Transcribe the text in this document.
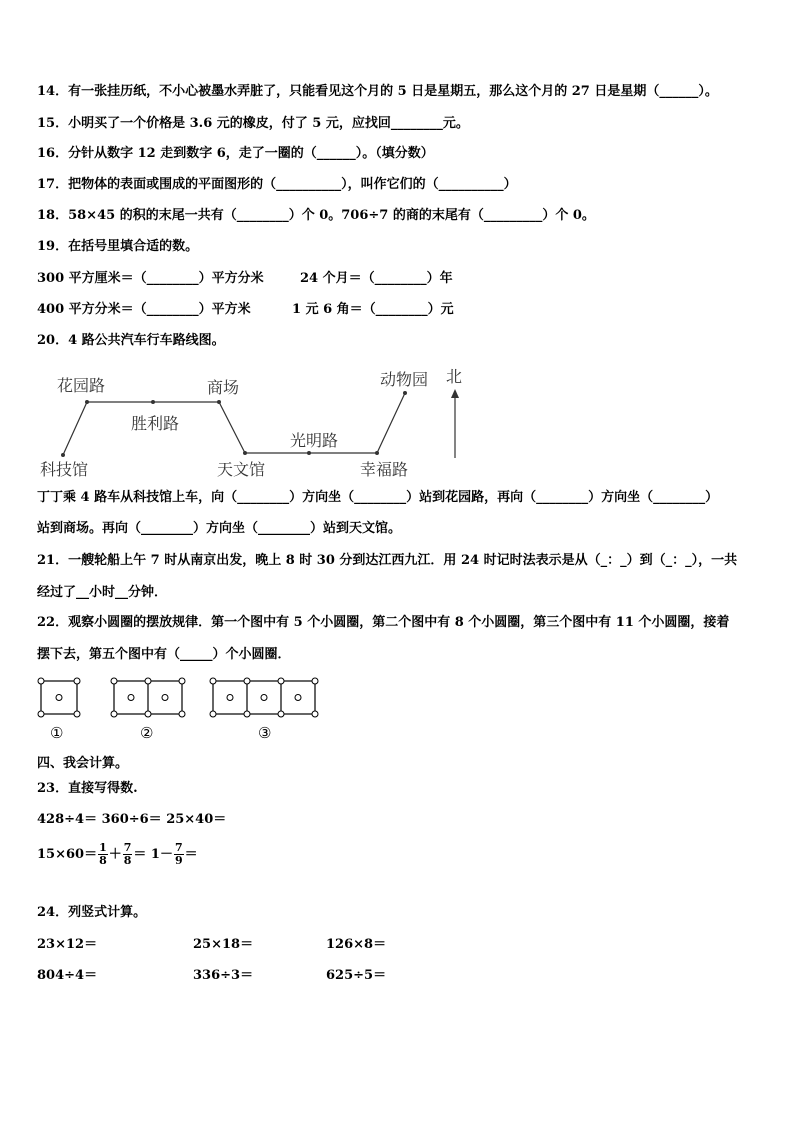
14．有一张挂历纸，不小心被墨水弄脏了，只能看见这个月的 5 日是星期五，那么这个月的 27 日是星期（______）。
15．小明买了一个价格是 3.6 元的橡皮，付了 5 元，应找回________元。
16．分针从数字 12 走到数字 6，走了一圈的（______）。（填分数）
17．把物体的表面或围成的平面图形的（__________），叫作它们的（__________）
18．58×45 的积的末尾一共有（________）个 0。706÷7 的商的末尾有（_________）个 0。
19．在括号里填合适的数。
300 平方厘米＝（________）平方分米	24 个月＝（________）年
400 平方分米＝（________）平方米	1 元 6 角＝（________）元
20．4 路公共汽车行车路线图。
花园路
胜利路
商场
光明路
动物园
科技馆	天文馆	幸福路
北
丁丁乘 4 路车从科技馆上车，向（________）方向坐（________）站到花园路，再向（________）方向坐（________）
站到商场。再向（________）方向坐（________）站到天文馆。
21．一艘轮船上午 7 时从南京出发，晚上 8 时 30 分到达江西九江．用 24 时记时法表示是从（_：_）到（_：_），一共
经过了__小时__分钟．
22．观察小圆圈的摆放规律．第一个图中有 5 个小圆圈，第二个图中有 8 个小圆圈，第三个图中有 11 个小圆圈，接着
摆下去，第五个图中有（_____）个小圆圈．
①	②	③
四、我会计算。
23．直接写得数.
428÷4＝ 360÷6＝ 25×40＝
$15\times 60= \frac{1}{8} + \frac{7}{8} = 1- \frac{7}{9}$ ＝
24．列竖式计算。
23×12＝	25×18＝	126×8＝
804÷4＝	336÷3＝	625÷5＝
